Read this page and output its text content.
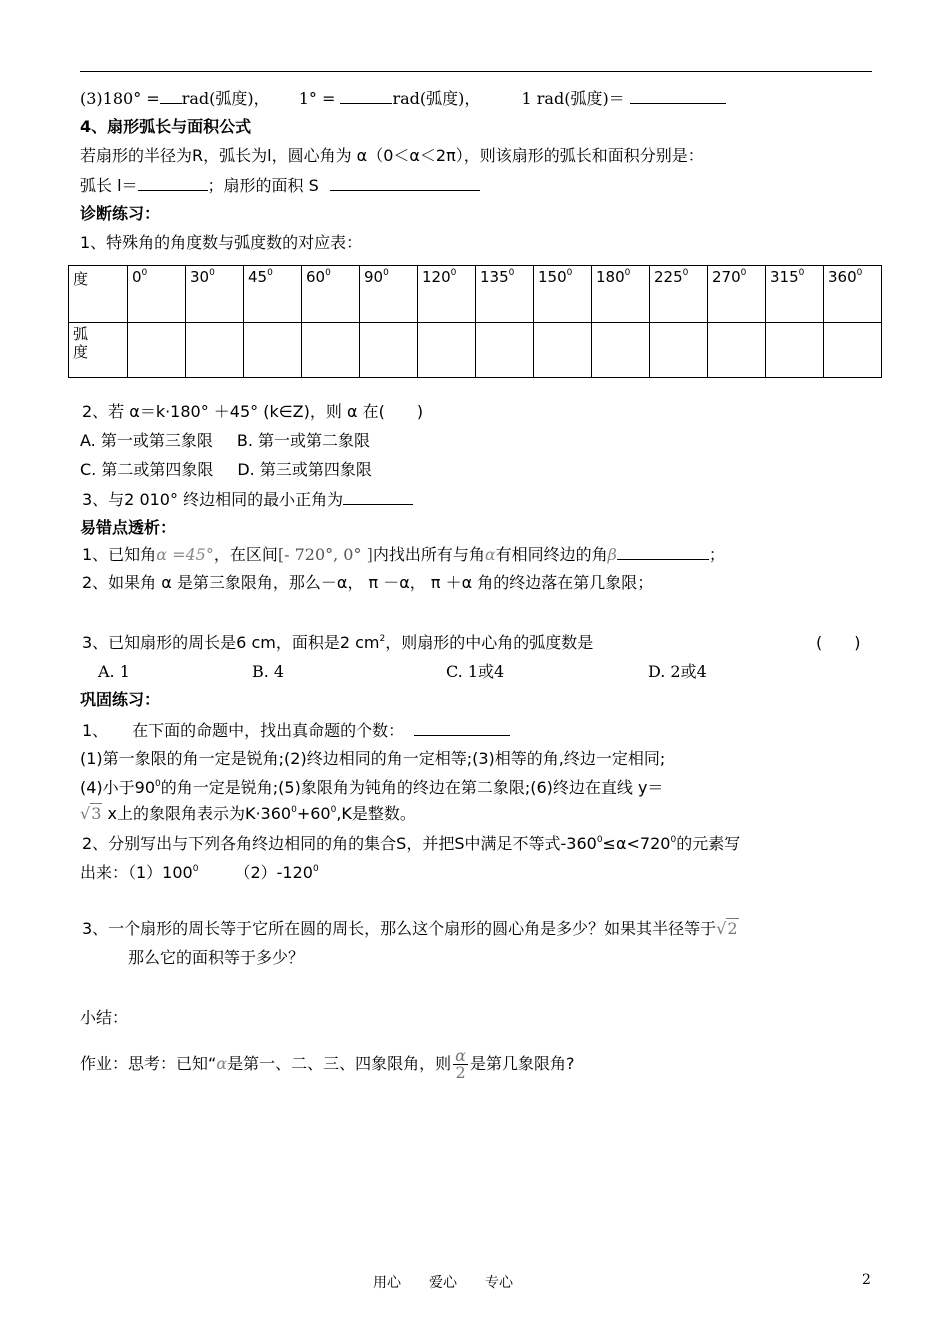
(3)180° = rad(弧度)， 1° =	rad(弧度)，	1 rad(弧度)＝
4、扇形弧长与面积公式
若扇形的半径为R，弧长为l，圆心角为 α（0＜α＜2π），则该扇形的弧长和面积分别是：
弧长 l＝	；扇形的面积 S
诊断练习：
1、特殊角的角度数与弧度数的对应表：
度	$0^0$	$30^0$	$45^0$	$60^0$	$90^0$	$120^0$	$135^0$	$150^0$	$180^0$	$225^0$	$270^0$	$315^0$	$360^0$
弧度													
2、若 α＝k·180° ＋45° (k∈Z)，则 α 在(　　)
A. 第一或第三象限 B. 第一或第二象限
C. 第二或第四象限 D. 第三或第四象限
3、与2 010° 终边相同的最小正角为
易错点透析：
1、已知角α =45°，在区间[- 720°, 0° ]内找出所有与角α有相同终边的角β	；
2、如果角 α 是第三象限角，那么－α， π －α， π ＋α 角的终边落在第几象限；
3、已知扇形的周长是6 cm，面积是2 $cm^2$，则扇形的中心角的弧度数是	(　　)
A. 1	B. 4	C. 1或4	D. 2或4
巩固练习：
1、　　在下面的命题中，找出真命题的个数：
(1)第一象限的角一定是锐角;(2)终边相同的角一定相等;(3)相等的角,终边一定相同;
(4)小于$90^0$的角一定是锐角;(5)象限角为钝角的终边在第二象限;(6)终边在直线 y＝
√3 x上的象限角表示为$K\cdot 360^0+60^0,K$是整数。
2、分别写出与下列各角终边相同的角的集合S，并把S中满足不等式$-360^0\le\alpha<720^0$的元素写
出来：$(1)100^0$ $(2)-120^0$
3、一个扇形的周长等于它所在圆的周长，那么这个扇形的圆心角是多少？如果其半径等于√2
那么它的面积等于多少？
小结：
作业：思考：已知“α是第一、二、三、四象限角，则 $\frac{\alpha}{2}$ 是第几象限角?
用心　　爱心　　专心	2
